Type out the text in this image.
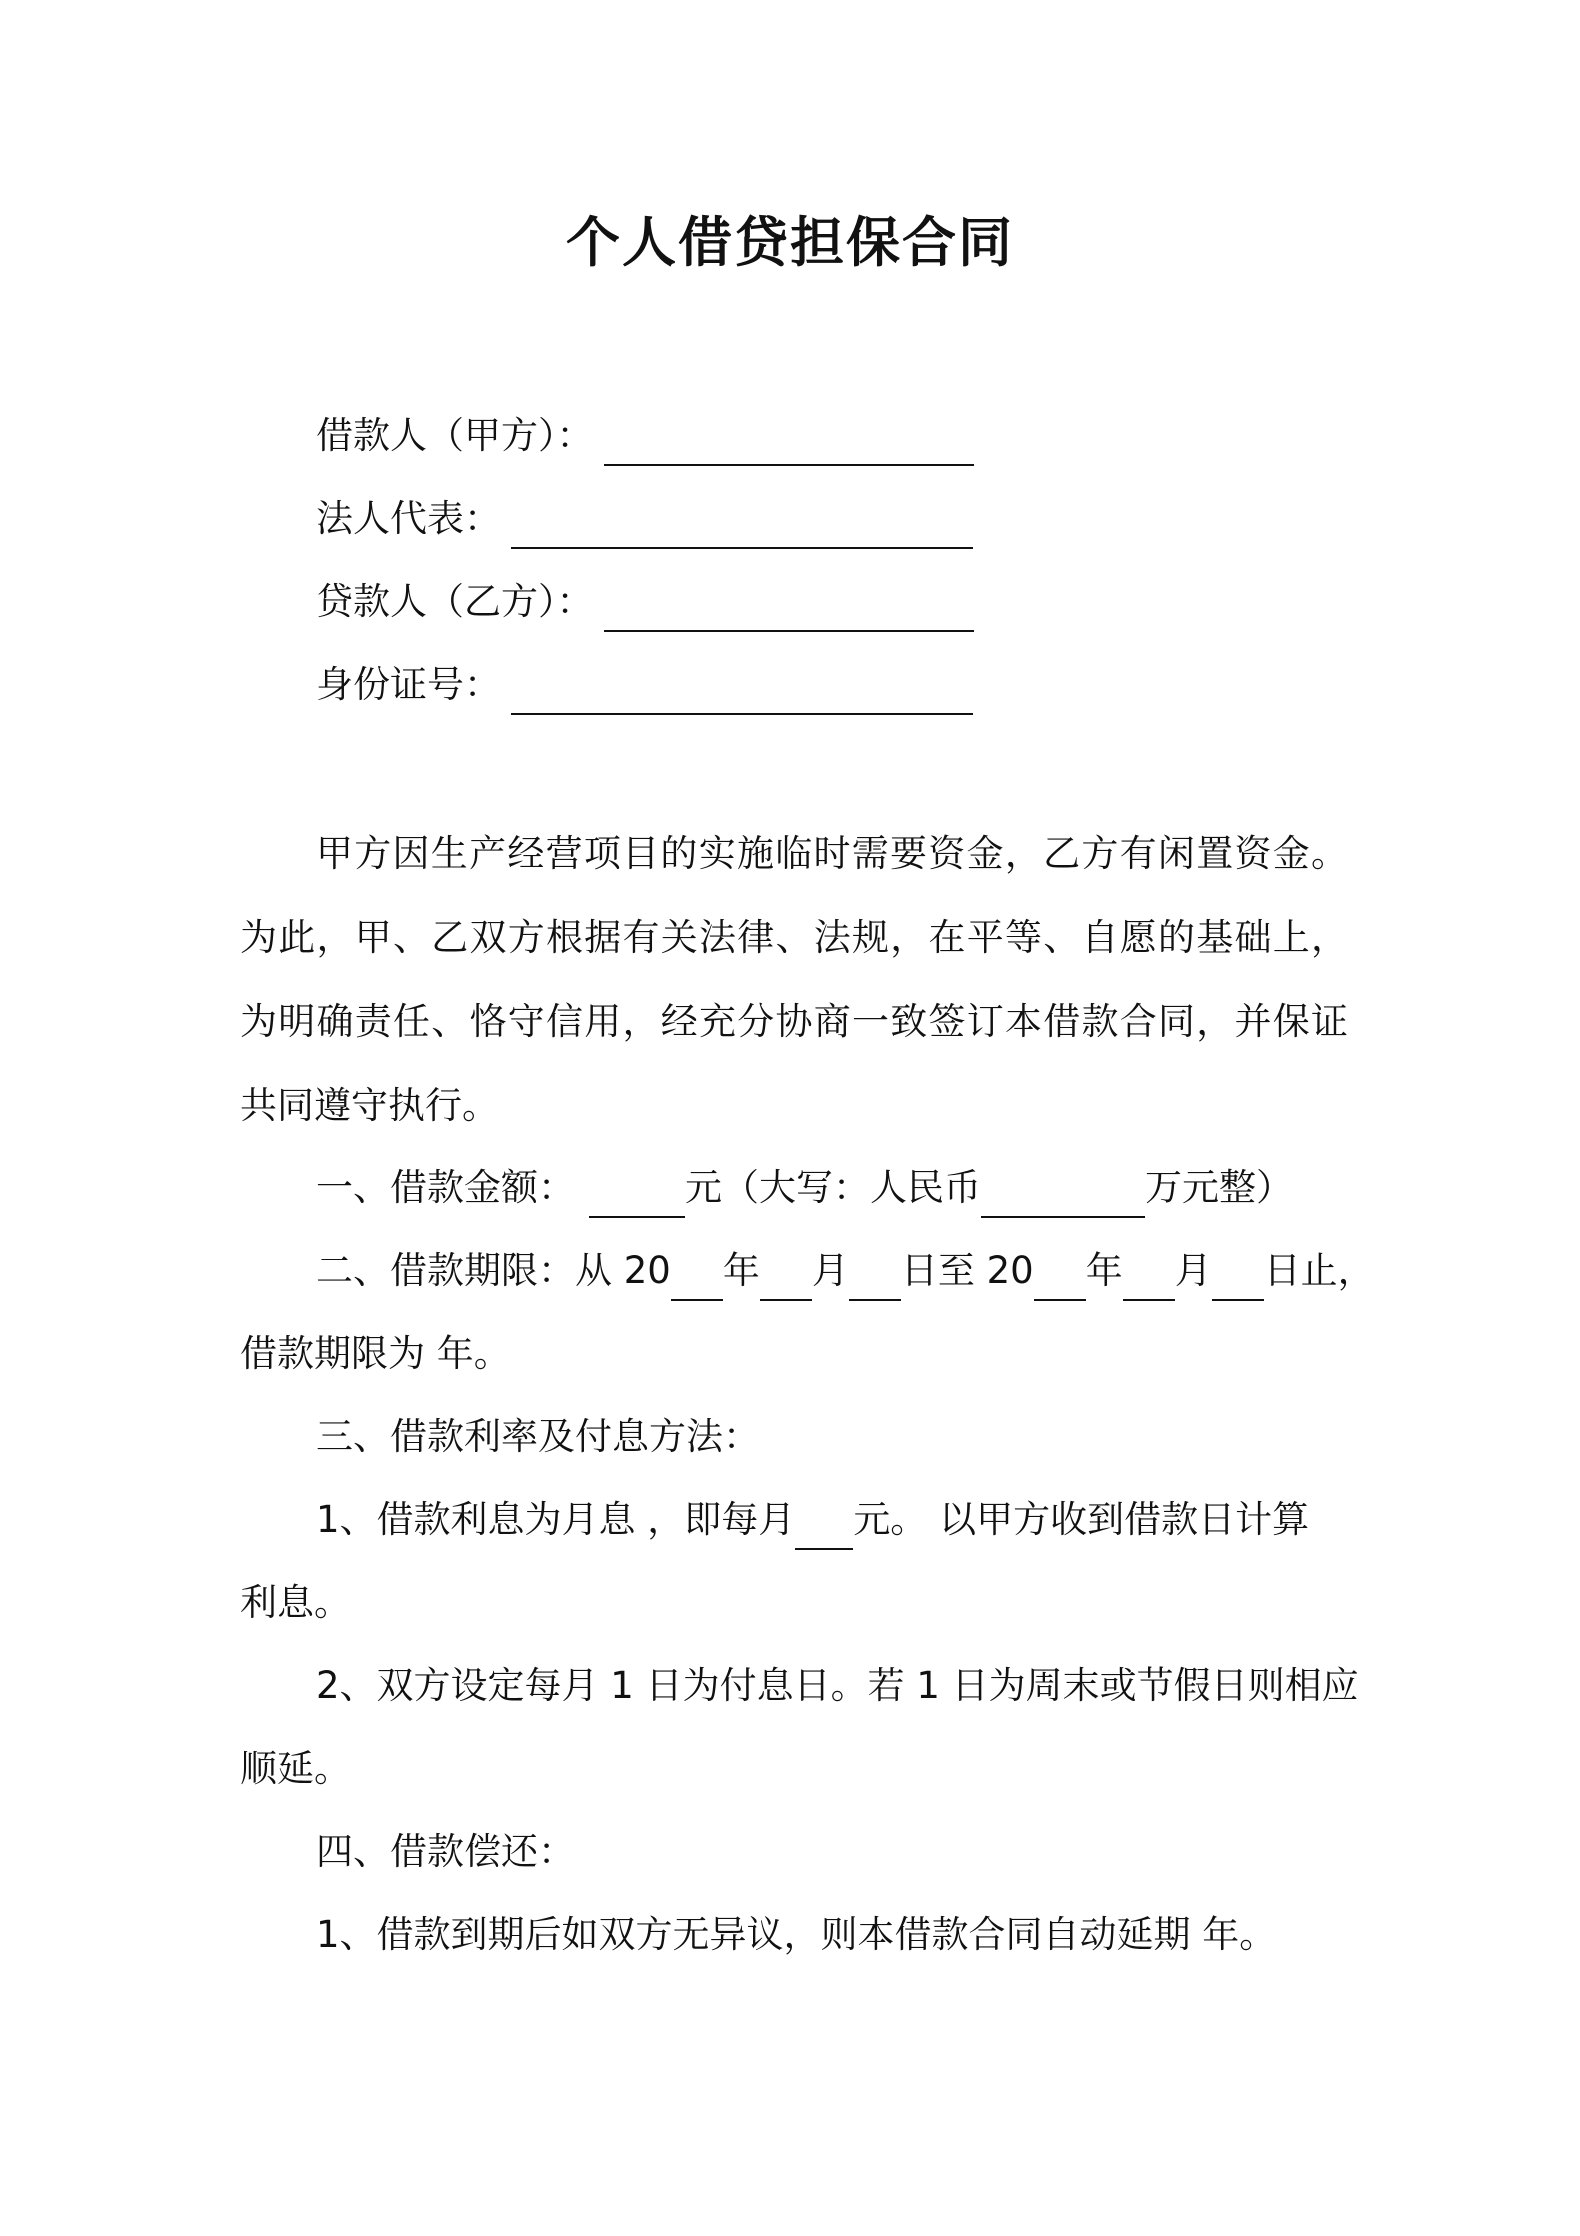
个人借贷担保合同
借款人（甲方）：
法人代表：
贷款人（乙方）：
身份证号：
甲方因生产经营项目的实施临时需要资金，乙方有闲置资金。为此，甲、乙双方根据有关法律、法规，在平等、自愿的基础上，为明确责任、恪守信用，经充分协商一致签订本借款合同，并保证共同遵守执行。
一、借款金额：	元（大写：人民币	万元整）
二、借款期限：从 20 年 月 日至 20 年 月 日止，
借款期限为 年。
三、借款利率及付息方法：
1、借款利息为月息 ，即每月 元。 以甲方收到借款日计算
利息。
2、双方设定每月 1 日为付息日。若 1 日为周末或节假日则相应
顺延。
四、借款偿还：
1、借款到期后如双方无异议，则本借款合同自动延期 年。
